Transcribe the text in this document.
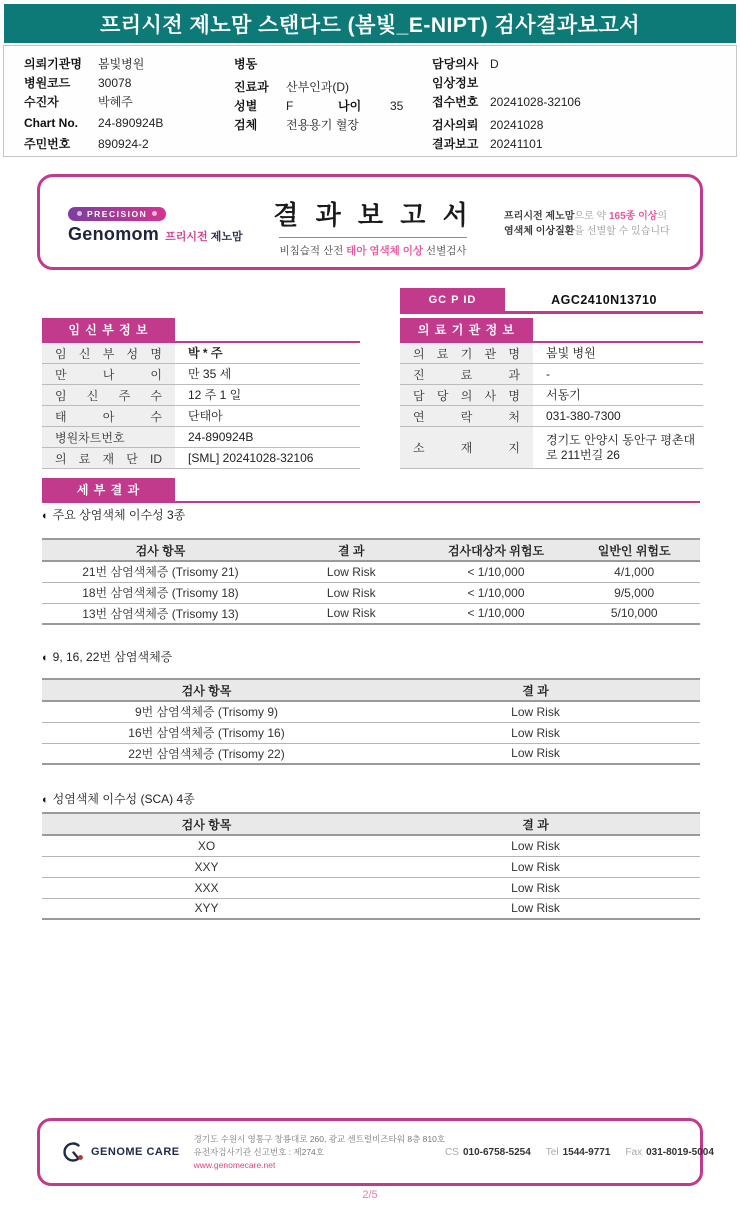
프리시전 제노맘 스탠다드 (봄빛_E-NIPT) 검사결과보고서
의뢰기관명	봄빛병원
병원코드	30078
수진자	박혜주
Chart No.	24-890924B
주민번호	890924-2
병동
진료과	산부인과(D)
성별	F	나이	35
검체	전용용기 혈장
담당의사 D
임상정보
접수번호 20241028-32106
검사의뢰 20241028
결과보고 20241101
PRECISION
Genomom 프리시전 제노맘
결 과 보 고 서
비침습적 산전 태아 염색체 이상 선별검사
프리시전 제노맘으로 약 165종 이상의
염색체 이상질환을 선별할 수 있습니다
GC P ID	AGC2410N13710
임 신 부 정 보
임 신 부 성 명	박 * 주
만 나 이	만 35 세
임 신 주 수	12 주 1 일
태 아 수	단태아
병원차트번호	24-890924B
의 료 재 단 ID	[SML] 20241028-32106
의 료 기 관 정 보
의 료 기 관 명	봄빛 병원
진 료 과	-
담 당 의 사 명	서동기
연 락 처	031-380-7300
소 재 지
경기도 안양시 동안구 평촌대로 211번길 26
세 부 결 과
◐ 주요 상염색체 이수성 3종
검사 항목	결 과	검사대상자 위험도	일반인 위험도
21번 삼염색체증 (Trisomy 21)	Low Risk	< 1/10,000	4/1,000
18번 삼염색체증 (Trisomy 18)	Low Risk	< 1/10,000	9/5,000
13번 삼염색체증 (Trisomy 13)	Low Risk	< 1/10,000	5/10,000
◐ 9, 16, 22번 삼염색체증
검사 항목	결 과
9번 삼염색체증 (Trisomy 9)	Low Risk
16번 삼염색체증 (Trisomy 16)	Low Risk
22번 삼염색체증 (Trisomy 22)	Low Risk
◐ 성염색체 이수성 (SCA) 4종
검사 항목	결 과
XO	Low Risk
XXY	Low Risk
XXX	Low Risk
XYY	Low Risk
GENOME CARE
경기도 수원시 영통구 창룡대로 260, 광교 센트럴비즈타워 8층 810호
유전자검사기관 신고번호 : 제274호
www.genomecare.net
CS 010-6758-5254 Tel 1544-9771 Fax 031-8019-5004
2/5
